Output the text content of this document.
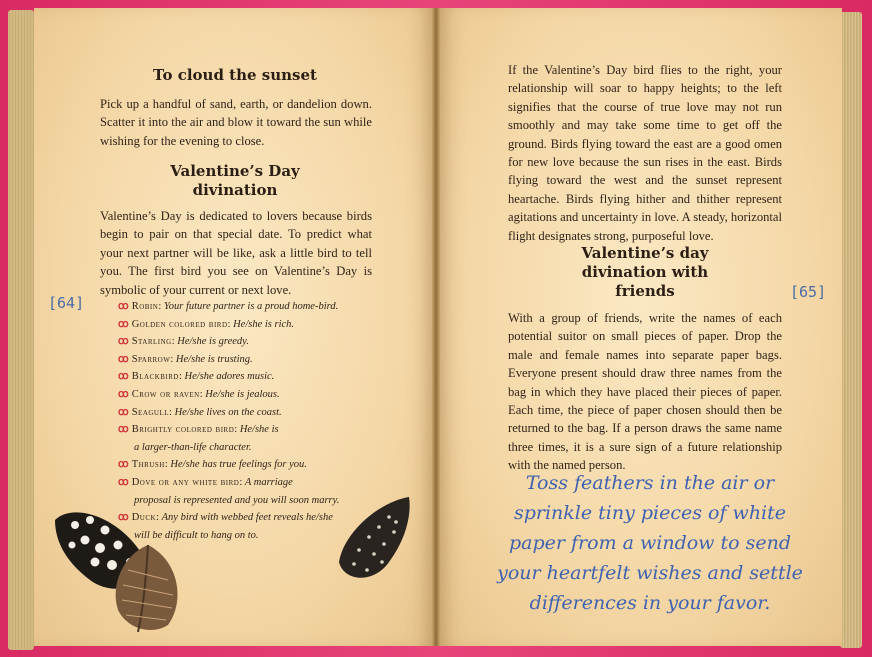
To cloud the sunset
Pick up a handful of sand, earth, or dandelion down. Scatter it into the air and blow it toward the sun while wishing for the evening to close.
Valentine’s Day
divination
Valentine’s Day is dedicated to lovers because birds begin to pair on that special date. To predict what your next partner will be like, ask a little bird to tell you. The first bird you see on Valentine’s Day is symbolic of your current or next love.
[64]	ꝏ Robin: Your future partner is a proud home-bird.

ꝏ Golden colored bird: He/she is rich.

ꝏ Starling: He/she is greedy.

ꝏ Sparrow: He/she is trusting.

ꝏ Blackbird: He/she adores music.

ꝏ Crow or raven: He/she is jealous.

ꝏ Seagull: He/she lives on the coast.

ꝏ Brightly colored bird: He/she is
a larger-than-life character.

ꝏ Thrush: He/she has true feelings for you.

ꝏ Dove or any white bird: A marriage
proposal is represented and you will soon marry.

ꝏ Duck: Any bird with webbed feet reveals he/she
will be difficult to hang on to.

If the Valentine’s Day bird flies to the right, your relationship will soar to happy heights; to the left signifies that the course of true love may not run smoothly and may take some time to get off the ground. Birds flying toward the east are a good omen for new love because the sun rises in the east. Birds flying toward the west and the sunset represent heartache. Birds flying hither and thither represent agitations and uncertainty in love. A steady, horizontal flight designates strong, purposeful love.
Valentine’s day
divination with
friends	[65]
With a group of friends, write the names of each potential suitor on small pieces of paper. Drop the male and female names into separate paper bags. Everyone present should draw three names from the bag in which they have placed their pieces of paper. Each time, the piece of paper chosen should then be returned to the bag. If a person draws the same name three times, it is a sure sign of a future relationship with the named person.
Toss feathers in the air or
sprinkle tiny pieces of white
paper from a window to send
your heartfelt wishes and settle
differences in your favor.
